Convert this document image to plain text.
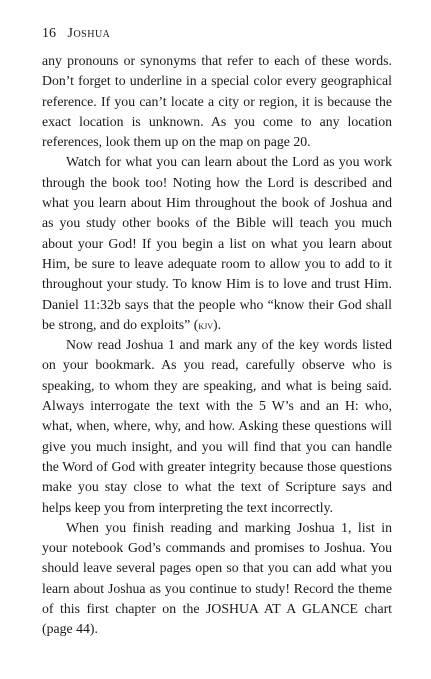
16 Joshua

any pronouns or synonyms that refer to each of these words. Don’t forget to underline in a special color every geographical reference. If you can’t locate a city or region, it is because the exact location is unknown. As you come to any location references, look them up on the map on page 20.

Watch for what you can learn about the Lord as you work through the book too! Noting how the Lord is described and what you learn about Him throughout the book of Joshua and as you study other books of the Bible will teach you much about your God! If you begin a list on what you learn about Him, be sure to leave adequate room to allow you to add to it throughout your study. To know Him is to love and trust Him. Daniel 11:32b says that the people who “know their God shall be strong, and do exploits” (kjv).

Now read Joshua 1 and mark any of the key words listed on your bookmark. As you read, carefully observe who is speaking, to whom they are speaking, and what is being said. Always interrogate the text with the 5 W’s and an H: who, what, when, where, why, and how. Asking these questions will give you much insight, and you will find that you can handle the Word of God with greater integrity because those questions make you stay close to what the text of Scripture says and helps keep you from interpreting the text incorrectly.

When you finish reading and marking Joshua 1, list in your notebook God’s commands and promises to Joshua. You should leave several pages open so that you can add what you learn about Joshua as you continue to study! Record the theme of this first chapter on the JOSHUA AT A GLANCE chart (page 44).
